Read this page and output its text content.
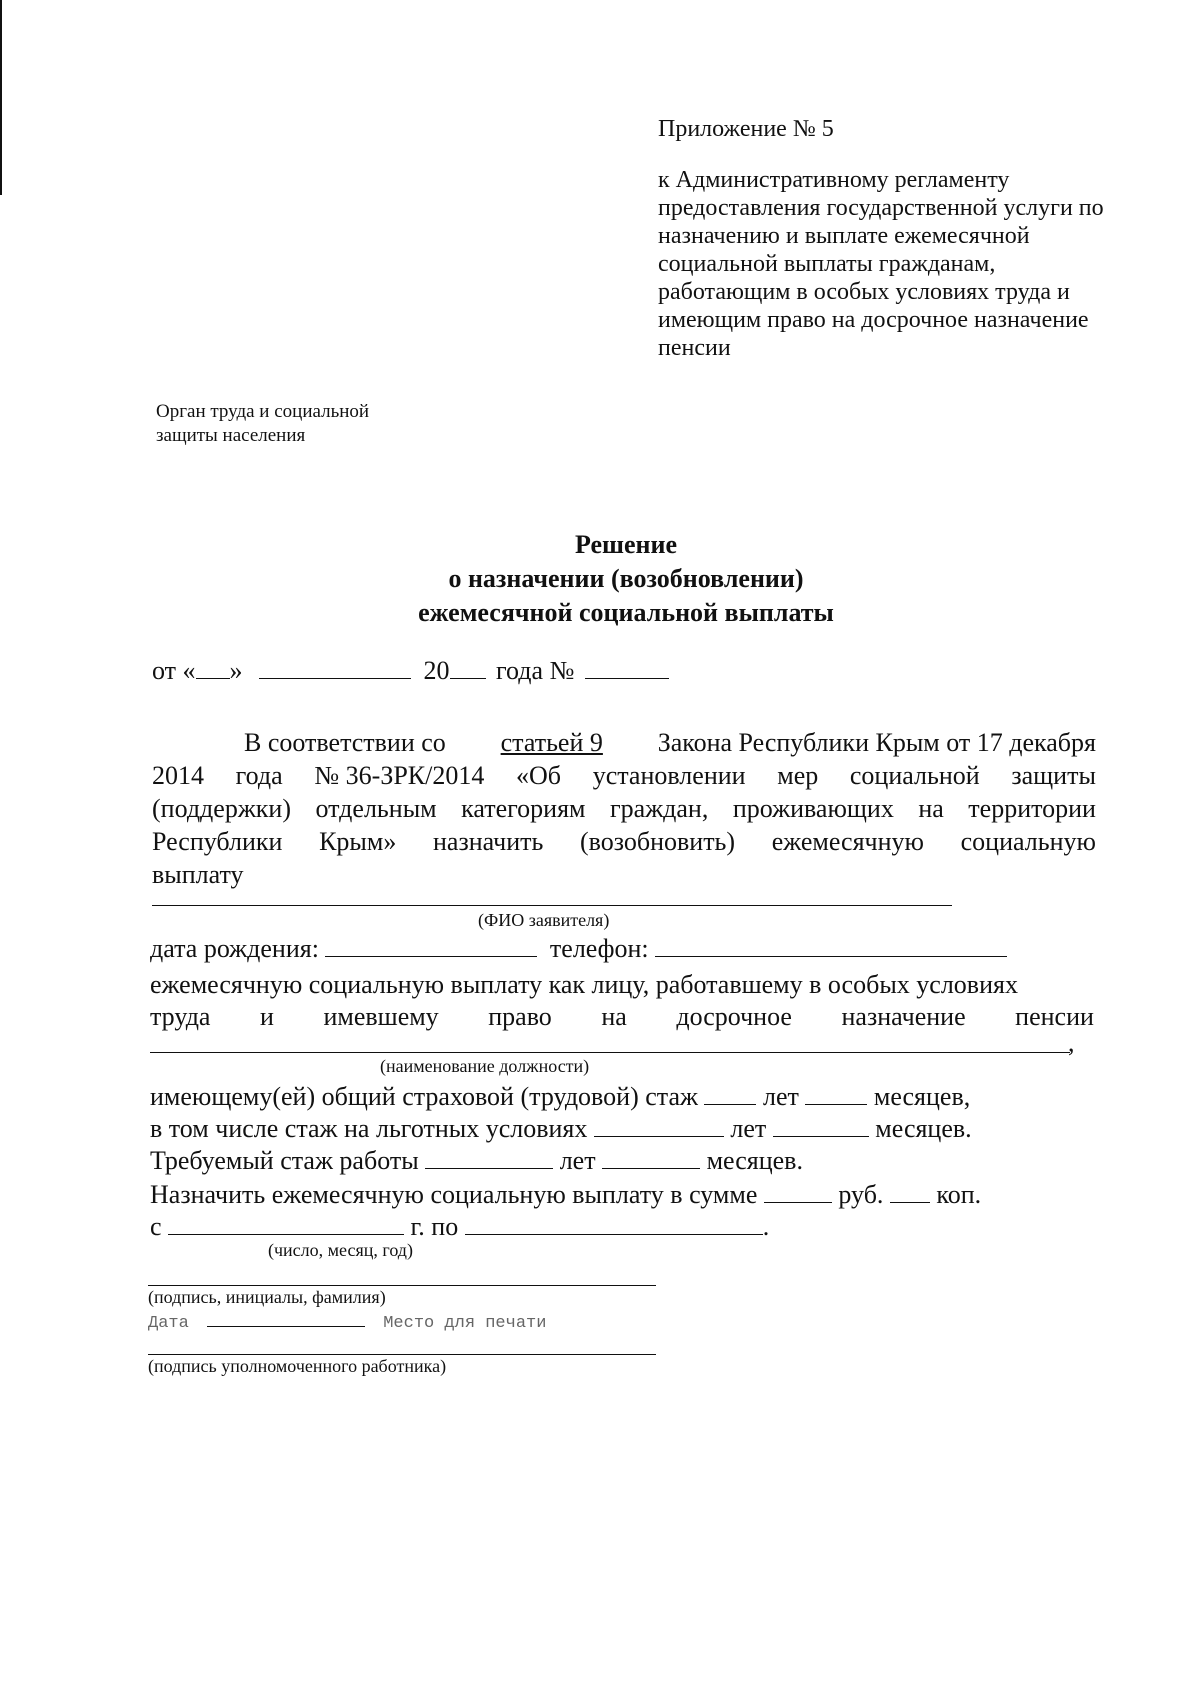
Приложение № 5
к Административному регламенту предоставления государственной услуги по назначению и выплате ежемесячной социальной выплаты гражданам, работающим в особых условиях труда и имеющим право на досрочное назначение пенсии
Орган труда и социальной
защиты населения
Решение
о назначении (возобновлении)
ежемесячной социальной выплаты
от « »	20 года №
В соответствии со статьей 9 Закона Республики Крым от 17 декабря
2014 года № 36-ЗРК/2014 «Об установлении мер социальной защиты
(поддержки) отдельным категориям граждан, проживающих на территории
Республики Крым» назначить (возобновить) ежемесячную социальную
выплату
(ФИО заявителя)
дата рождения:	телефон:
ежемесячную социальную выплату как лицу, работавшему в особых условиях
труда и имевшему право на досрочное назначение пенсии
,
(наименование должности)
имеющему(ей) общий страховой (трудовой) стаж	лет	месяцев,
в том числе стаж на льготных условиях	лет	месяцев.
Требуемый стаж работы	лет	месяцев.
Назначить ежемесячную социальную выплату в сумме	руб. коп.
с	г. по	.
(число, месяц, год)
(подпись, инициалы, фамилия)
Дата	Место для печати
(подпись уполномоченного работника)
